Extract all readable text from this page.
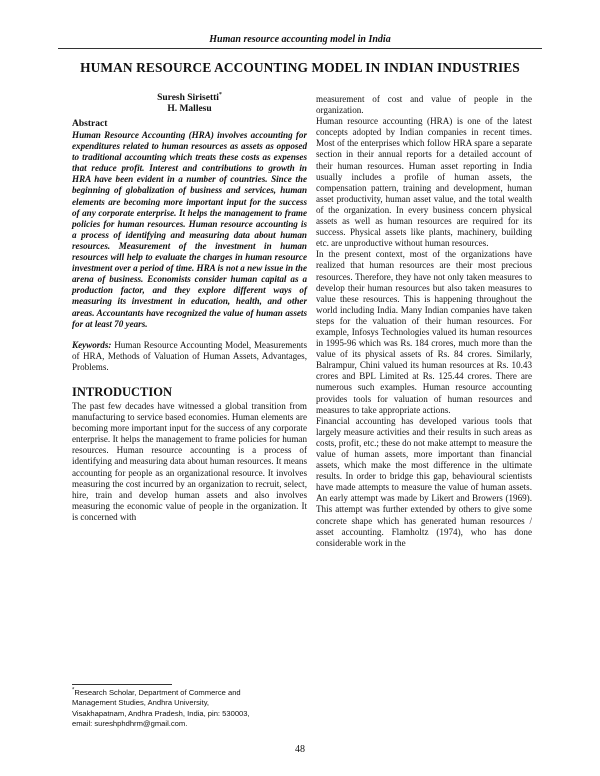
Human resource accounting model in India
HUMAN RESOURCE ACCOUNTING MODEL IN INDIAN INDUSTRIES
Suresh Sirisetti*
H. Mallesu

Abstract

Human Resource Accounting (HRA) involves accounting for expenditures related to human resources as assets as opposed to traditional accounting which treats these costs as expenses that reduce profit. Interest and contributions to growth in HRA have been evident in a number of countries. Since the beginning of globalization of business and services, human elements are becoming more important input for the success of any corporate enterprise. It helps the management to frame policies for human resources. Human resource accounting is a process of identifying and measuring data about human resources. Measurement of the investment in human resources will help to evaluate the charges in human resource investment over a period of time. HRA is not a new issue in the arena of business. Economists consider human capital as a production factor, and they explore different ways of measuring its investment in education, health, and other areas. Accountants have recognized the value of human assets for at least 70 years.

Keywords: Human Resource Accounting Model, Measurements of HRA, Methods of Valuation of Human Assets, Advantages, Problems.

INTRODUCTION

The past few decades have witnessed a global transition from manufacturing to service based economies. Human elements are becoming more important input for the success of any corporate enterprise. It helps the management to frame policies for human resources. Human resource accounting is a process of identifying and measuring data about human resources. It means accounting for people as an organizational resource. It involves measuring the cost incurred by an organization to recruit, select, hire, train and develop human assets and also involves measuring the economic value of people in the organization. It is concerned with

measurement of cost and value of people in the organization.

Human resource accounting (HRA) is one of the latest concepts adopted by Indian companies in recent times. Most of the enterprises which follow HRA spare a separate section in their annual reports for a detailed account of their human resources. Human asset reporting in India usually includes a profile of human assets, the compensation pattern, training and development, human asset productivity, human asset value, and the total wealth of the organization. In every business concern physical assets as well as human resources are required for its success. Physical assets like plants, machinery, building etc. are unproductive without human resources.

In the present context, most of the organizations have realized that human resources are their most precious resources. Therefore, they have not only taken measures to develop their human resources but also taken measures to value these resources. This is happening throughout the world including India. Many Indian companies have taken steps for the valuation of their human resources. For example, Infosys Technologies valued its human resources in 1995-96 which was Rs. 184 crores, much more than the value of its physical assets of Rs. 84 crores. Similarly, Balrampur, Chini valued its human resources at Rs. 10.43 crores and BPL Limited at Rs. 125.44 crores. There are numerous such examples. Human resource accounting provides tools for valuation of human resources and measures to take appropriate actions.

Financial accounting has developed various tools that largely measure activities and their results in such areas as costs, profit, etc.; these do not make attempt to measure the value of human assets, more important than financial assets, which make the most difference in the ultimate results. In order to bridge this gap, behavioural scientists have made attempts to measure the value of human assets. An early attempt was made by Likert and Browers (1969). This attempt was further extended by others to give some concrete shape which has generated human resources / asset accounting. Flamholtz (1974), who has done considerable work in the

*Research Scholar, Department of Commerce and
Management Studies, Andhra University,
Visakhapatnam, Andhra Pradesh, India, pin: 530003,
email: sureshphdhrm@gmail.com.
48
